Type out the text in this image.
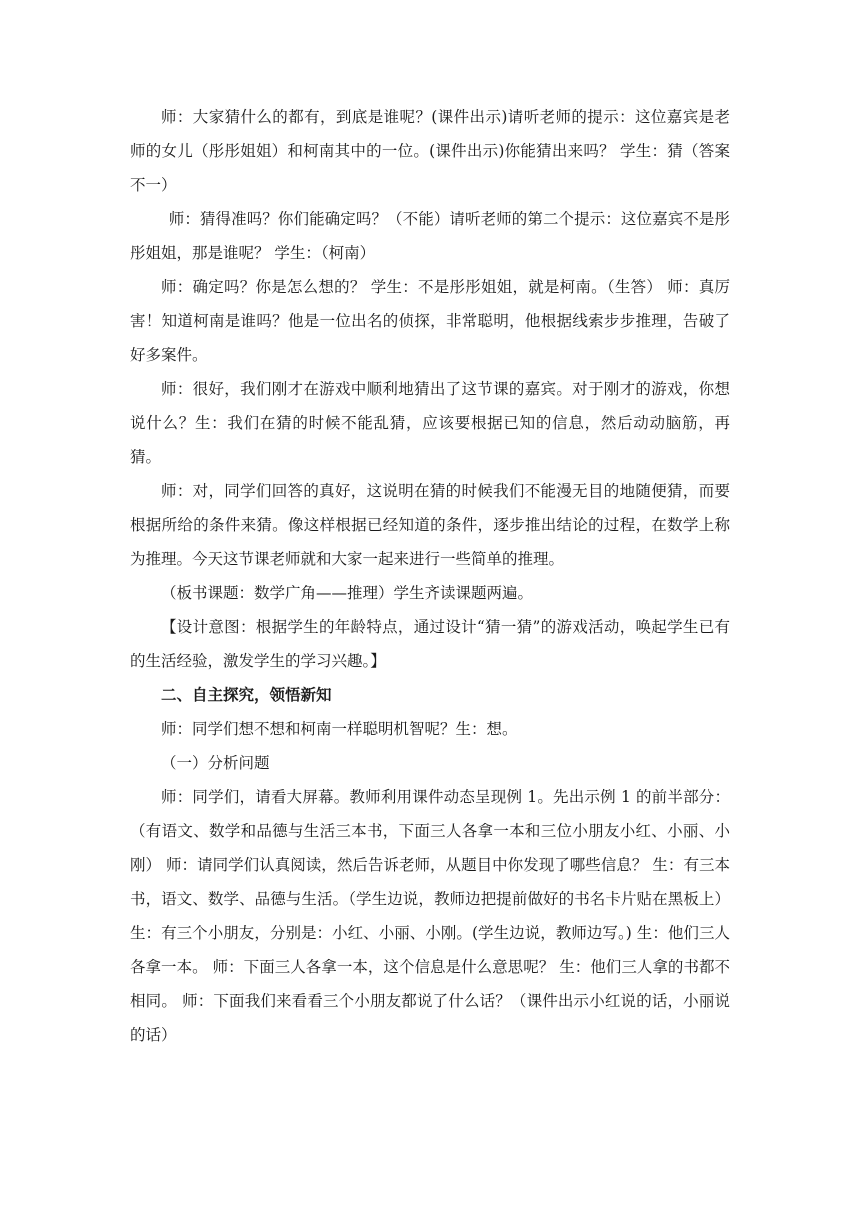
师：大家猜什么的都有，到底是谁呢？(课件出示)请听老师的提示：这位嘉宾是老师的女儿（彤彤姐姐）和柯南其中的一位。(课件出示)你能猜出来吗？ 学生：猜（答案不一）

师：猜得准吗？你们能确定吗？（不能）请听老师的第二个提示：这位嘉宾不是彤彤姐姐，那是谁呢？ 学生：（柯南）

师：确定吗？你是怎么想的？ 学生：不是彤彤姐姐，就是柯南。（生答） 师：真厉害！知道柯南是谁吗？他是一位出名的侦探，非常聪明，他根据线索步步推理，告破了好多案件。

师：很好，我们刚才在游戏中顺利地猜出了这节课的嘉宾。对于刚才的游戏，你想说什么？生：我们在猜的时候不能乱猜，应该要根据已知的信息，然后动动脑筋，再猜。

师：对，同学们回答的真好，这说明在猜的时候我们不能漫无目的地随便猜，而要根据所给的条件来猜。像这样根据已经知道的条件，逐步推出结论的过程，在数学上称为推理。今天这节课老师就和大家一起来进行一些简单的推理。

（板书课题：数学广角——推理）学生齐读课题两遍。

【设计意图：根据学生的年龄特点，通过设计“猜一猜”的游戏活动，唤起学生已有的生活经验，激发学生的学习兴趣。】

二、自主探究，领悟新知

师：同学们想不想和柯南一样聪明机智呢？生：想。

（一）分析问题

师：同学们，请看大屏幕。教师利用课件动态呈现例 1。先出示例 1 的前半部分：（有语文、数学和品德与生活三本书，下面三人各拿一本和三位小朋友小红、小丽、小刚） 师：请同学们认真阅读，然后告诉老师，从题目中你发现了哪些信息？ 生：有三本书，语文、数学、品德与生活。（学生边说，教师边把提前做好的书名卡片贴在黑板上） 生：有三个小朋友，分别是：小红、小丽、小刚。(学生边说，教师边写。) 生：他们三人各拿一本。 师：下面三人各拿一本，这个信息是什么意思呢？ 生：他们三人拿的书都不相同。 师：下面我们来看看三个小朋友都说了什么话？（课件出示小红说的话，小丽说的话）
